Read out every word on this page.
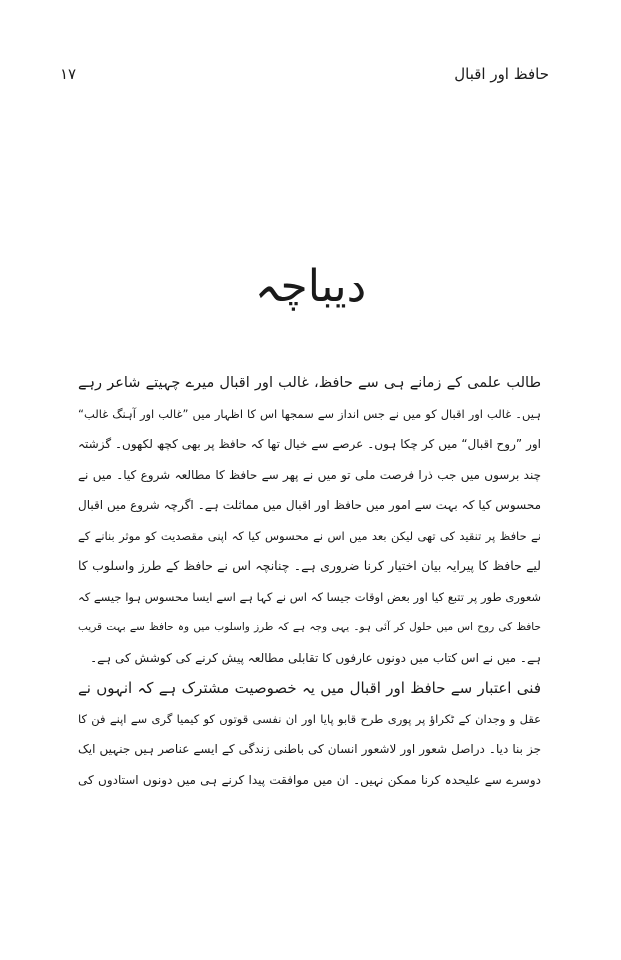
حافظ اور اقبال
۱۷
دیباچہ

طالب علمی کے زمانے ہی سے حافظ، غالب اور اقبال میرے چہیتے شاعر رہے
ہیں۔ غالب اور اقبال کو میں نے جس انداز سے سمجھا اس کا اظہار میں ”غالب اور آہنگ غالب“
اور ”روح اقبال“ میں کر چکا ہوں۔ عرصے سے خیال تھا کہ حافظ پر بھی کچھ لکھوں۔ گزشتہ
چند برسوں میں جب ذرا فرصت ملی تو میں نے پھر سے حافظ کا مطالعہ شروع کیا۔ میں نے
محسوس کیا کہ بہت سے امور میں حافظ اور اقبال میں مماثلت ہے۔ اگرچہ شروع میں اقبال
نے حافظ پر تنقید کی تھی لیکن بعد میں اس نے محسوس کیا کہ اپنی مقصدیت کو موثر بنانے کے
لیے حافظ کا پیرایہ بیان اختیار کرنا ضروری ہے۔ چنانچہ اس نے حافظ کے طرز واسلوب کا
شعوری طور پر تتبع کیا اور بعض اوقات جیسا کہ اس نے کہا ہے اسے ایسا محسوس ہوا جیسے کہ
حافظ کی روح اس میں حلول کر آئی ہو۔ یہی وجہ ہے کہ طرز واسلوب میں وہ حافظ سے بہت قریب
ہے۔ میں نے اس کتاب میں دونوں عارفوں کا تقابلی مطالعہ پیش کرنے کی کوشش کی ہے۔

فنی اعتبار سے حافظ اور اقبال میں یہ خصوصیت مشترک ہے کہ انہوں نے
عقل و وجدان کے ٹکراؤ پر پوری طرح قابو پایا اور ان نفسی قوتوں کو کیمیا گری سے اپنے فن کا
جز بنا دیا۔ دراصل شعور اور لاشعور انسان کی باطنی زندگی کے ایسے عناصر ہیں جنہیں ایک
دوسرے سے علیحدہ کرنا ممکن نہیں۔ ان میں موافقت پیدا کرنے ہی میں دونوں استادوں کی
